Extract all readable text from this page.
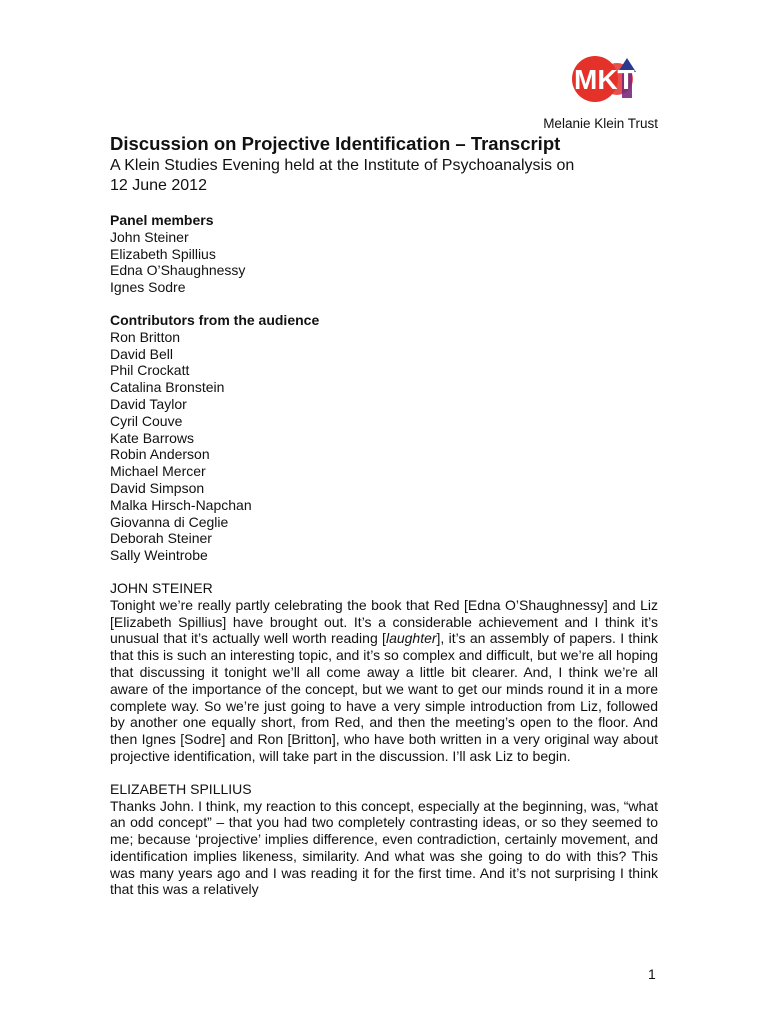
MKT
Melanie Klein Trust
Discussion on Projective Identification – Transcript
A Klein Studies Evening held at the Institute of Psychoanalysis on
12 June 2012
Panel members
John Steiner
Elizabeth Spillius
Edna O’Shaughnessy
Ignes Sodre
Contributors from the audience
Ron Britton
David Bell
Phil Crockatt
Catalina Bronstein
David Taylor
Cyril Couve
Kate Barrows
Robin Anderson
Michael Mercer
David Simpson
Malka Hirsch-Napchan
Giovanna di Ceglie
Deborah Steiner
Sally Weintrobe
JOHN STEINER

Tonight we’re really partly celebrating the book that Red [Edna O’Shaughnessy] and Liz [Elizabeth Spillius] have brought out. It’s a considerable achievement and I think it’s unusual that it’s actually well worth reading [laughter], it’s an assembly of papers. I think that this is such an interesting topic, and it’s so complex and difficult, but we’re all hoping that discussing it tonight we’ll all come away a little bit clearer. And, I think we’re all aware of the importance of the concept, but we want to get our minds round it in a more complete way. So we’re just going to have a very simple introduction from Liz, followed by another one equally short, from Red, and then the meeting’s open to the floor. And then Ignes [Sodre] and Ron [Britton], who have both written in a very original way about projective identification, will take part in the discussion. I’ll ask Liz to begin.

ELIZABETH SPILLIUS

Thanks John. I think, my reaction to this concept, especially at the beginning, was, “what an odd concept” – that you had two completely contrasting ideas, or so they seemed to me; because ‘projective’ implies difference, even contradiction, certainly movement, and identification implies likeness, similarity. And what was she going to do with this? This was many years ago and I was reading it for the first time. And it’s not surprising I think that this was a relatively

1
